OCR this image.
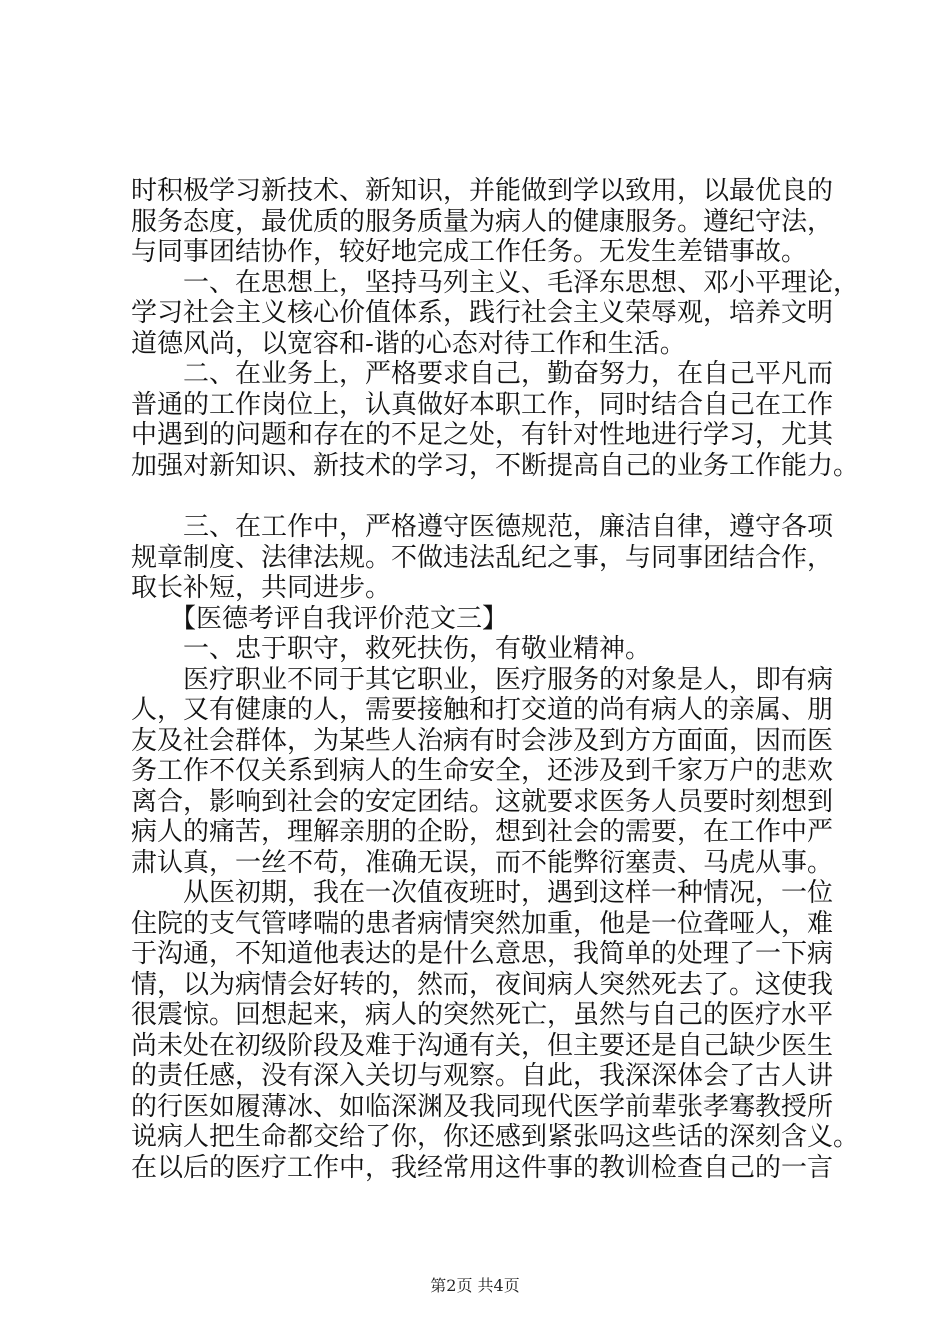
时积极学习新技术、新知识，并能做到学以致用，以最优良的
服务态度，最优质的服务质量为病人的健康服务。遵纪守法，
与同事团结协作，较好地完成工作任务。无发生差错事故。
　　一、在思想上，坚持马列主义、毛泽东思想、邓小平理论，
学习社会主义核心价值体系，践行社会主义荣辱观，培养文明
道德风尚，以宽容和-谐的心态对待工作和生活。
　　二、在业务上，严格要求自己，勤奋努力，在自己平凡而
普通的工作岗位上，认真做好本职工作，同时结合自己在工作
中遇到的问题和存在的不足之处，有针对性地进行学习，尤其
加强对新知识、新技术的学习，不断提高自己的业务工作能力。
　　三、在工作中，严格遵守医德规范，廉洁自律，遵守各项
规章制度、法律法规。不做违法乱纪之事，与同事团结合作，
取长补短，共同进步。
　　【医德考评自我评价范文三】
　　一、忠于职守，救死扶伤，有敬业精神。
　　医疗职业不同于其它职业，医疗服务的对象是人，即有病
人，又有健康的人，需要接触和打交道的尚有病人的亲属、朋
友及社会群体，为某些人治病有时会涉及到方方面面，因而医
务工作不仅关系到病人的生命安全，还涉及到千家万户的悲欢
离合，影响到社会的安定团结。这就要求医务人员要时刻想到
病人的痛苦，理解亲朋的企盼，想到社会的需要，在工作中严
肃认真，一丝不苟，准确无误，而不能弊衍塞责、马虎从事。
　　从医初期，我在一次值夜班时，遇到这样一种情况，一位
住院的支气管哮喘的患者病情突然加重，他是一位聋哑人，难
于沟通，不知道他表达的是什么意思，我简单的处理了一下病
情，以为病情会好转的，然而，夜间病人突然死去了。这使我
很震惊。回想起来，病人的突然死亡，虽然与自己的医疗水平
尚未处在初级阶段及难于沟通有关，但主要还是自己缺少医生
的责任感，没有深入关切与观察。自此，我深深体会了古人讲
的行医如履薄冰、如临深渊及我同现代医学前辈张孝骞教授所
说病人把生命都交给了你，你还感到紧张吗这些话的深刻含义。
在以后的医疗工作中，我经常用这件事的教训检查自己的一言
第2页 共4页
